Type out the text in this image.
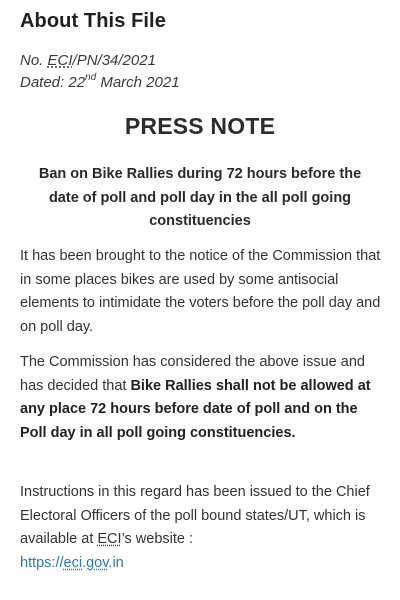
About This File
No. ECI/PN/34/2021
Dated: 22nd March 2021
PRESS NOTE
Ban on Bike Rallies during 72 hours before the date of poll and poll day in the all poll going constituencies

It has been brought to the notice of the Commission that in some places bikes are used by some antisocial elements to intimidate the voters before the poll day and on poll day.

The Commission has considered the above issue and has decided that Bike Rallies shall not be allowed at any place 72 hours before date of poll and on the Poll day in all poll going constituencies.

Instructions in this regard has been issued to the Chief Electoral Officers of the poll bound states/UT, which is available at ECI’s website :
https://eci.gov.in
